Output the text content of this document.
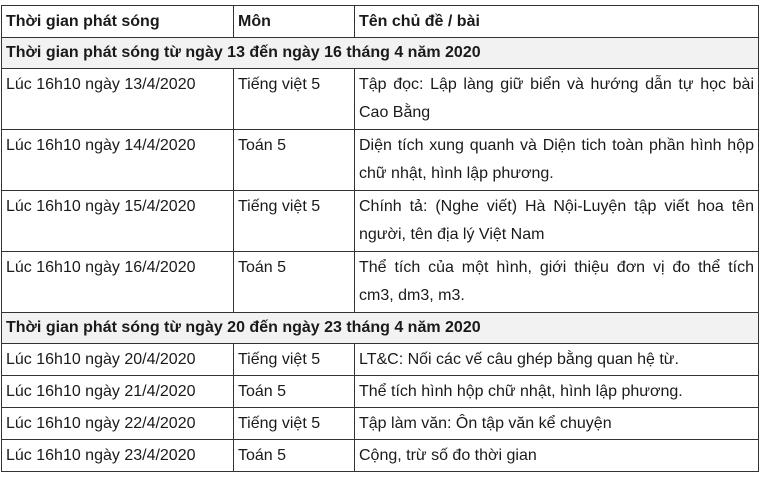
Thời gian phát sóng	Môn	Tên chủ đề / bài
Thời gian phát sóng từ ngày 13 đến ngày 16 tháng 4 năm 2020		
Lúc 16h10 ngày 13/4/2020	Tiếng việt 5	Tập đọc: Lập làng giữ biển và hướng dẫn tự học bài Cao Bằng
Lúc 16h10 ngày 14/4/2020	Toán 5	Diện tích xung quanh và Diện tich toàn phần hình hộp chữ nhật, hình lập phương.
Lúc 16h10 ngày 15/4/2020	Tiếng việt 5	Chính tả: (Nghe viết) Hà Nội-Luyện tập viết hoa tên người, tên địa lý Việt Nam
Lúc 16h10 ngày 16/4/2020	Toán 5	Thể tích của một hình, giới thiệu đơn vị đo thể tích cm3, dm3, m3.
Thời gian phát sóng từ ngày 20 đến ngày 23 tháng 4 năm 2020		
Lúc 16h10 ngày 20/4/2020	Tiếng việt 5	LT&C: Nối các vế câu ghép bằng quan hệ từ.
Lúc 16h10 ngày 21/4/2020	Toán 5	Thể tích hình hộp chữ nhật, hình lập phương.
Lúc 16h10 ngày 22/4/2020	Tiếng việt 5	Tập làm văn: Ôn tập văn kể chuyện
Lúc 16h10 ngày 23/4/2020	Toán 5	Cộng, trừ số đo thời gian
